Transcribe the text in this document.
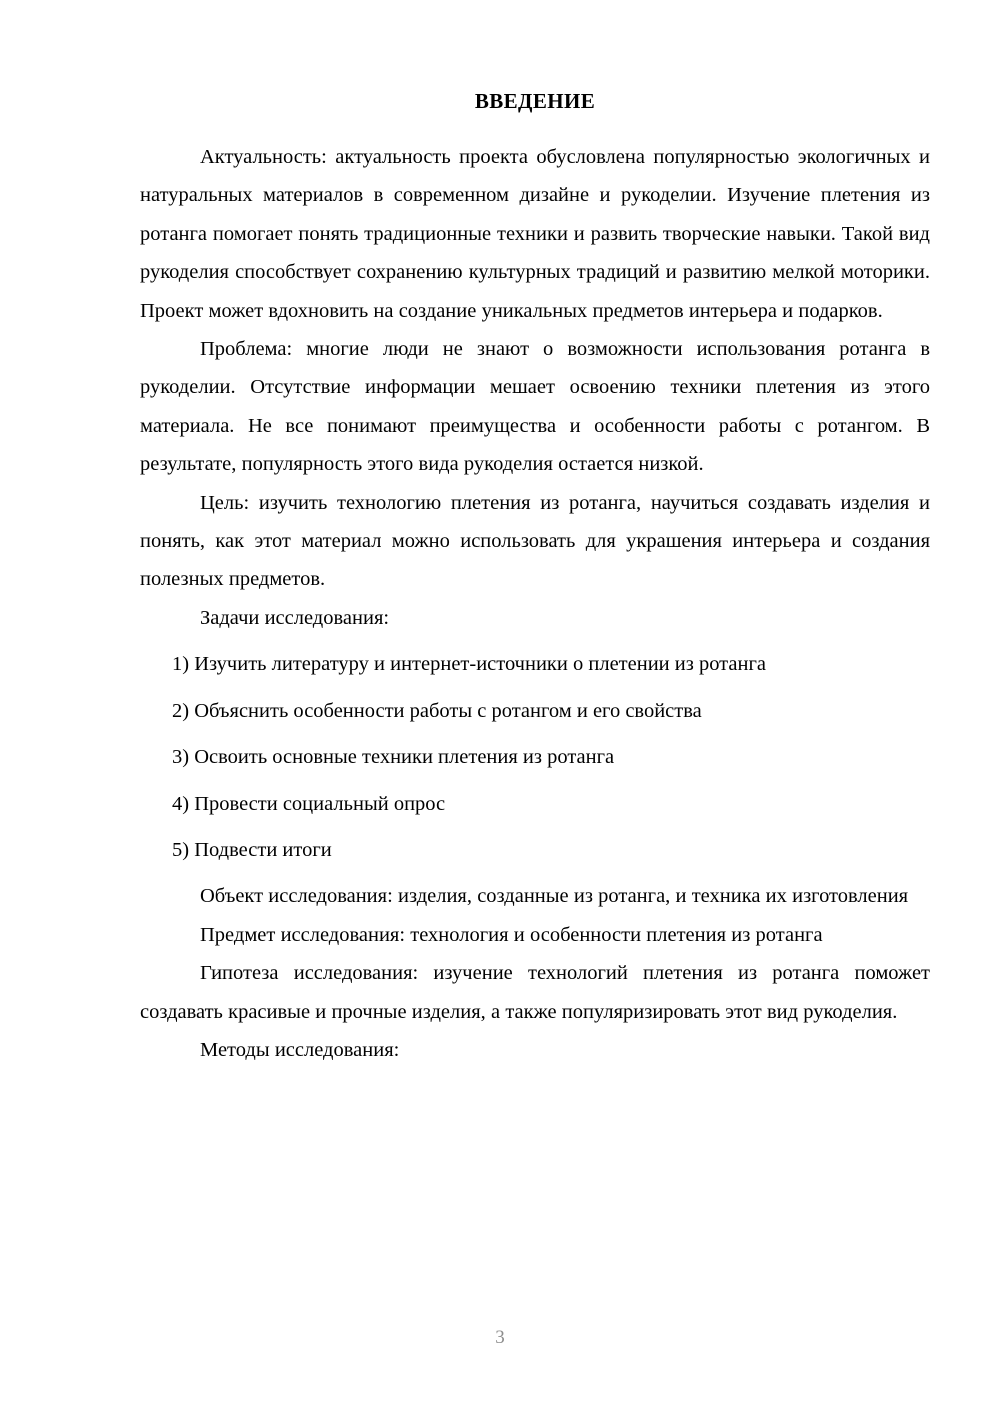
ВВЕДЕНИЕ

Актуальность: актуальность проекта обусловлена популярностью экологичных и натуральных материалов в современном дизайне и рукоделии. Изучение плетения из ротанга помогает понять традиционные техники и развить творческие навыки. Такой вид рукоделия способствует сохранению культурных традиций и развитию мелкой моторики. Проект может вдохновить на создание уникальных предметов интерьера и подарков.

Проблема: многие люди не знают о возможности использования ротанга в рукоделии. Отсутствие информации мешает освоению техники плетения из этого материала. Не все понимают преимущества и особенности работы с ротангом. В результате, популярность этого вида рукоделия остается низкой.

Цель: изучить технологию плетения из ротанга, научиться создавать изделия и понять, как этот материал можно использовать для украшения интерьера и создания полезных предметов.

Задачи исследования:

1) Изучить литературу и интернет-источники о плетении из ротанга
2) Объяснить особенности работы с ротангом и его свойства
3) Освоить основные техники плетения из ротанга
4) Провести социальный опрос
5) Подвести итоги

Объект исследования: изделия, созданные из ротанга, и техника их изготовления

Предмет исследования: технология и особенности плетения из ротанга

Гипотеза исследования: изучение технологий плетения из ротанга поможет создавать красивые и прочные изделия, а также популяризировать этот вид рукоделия.

Методы исследования:

3
